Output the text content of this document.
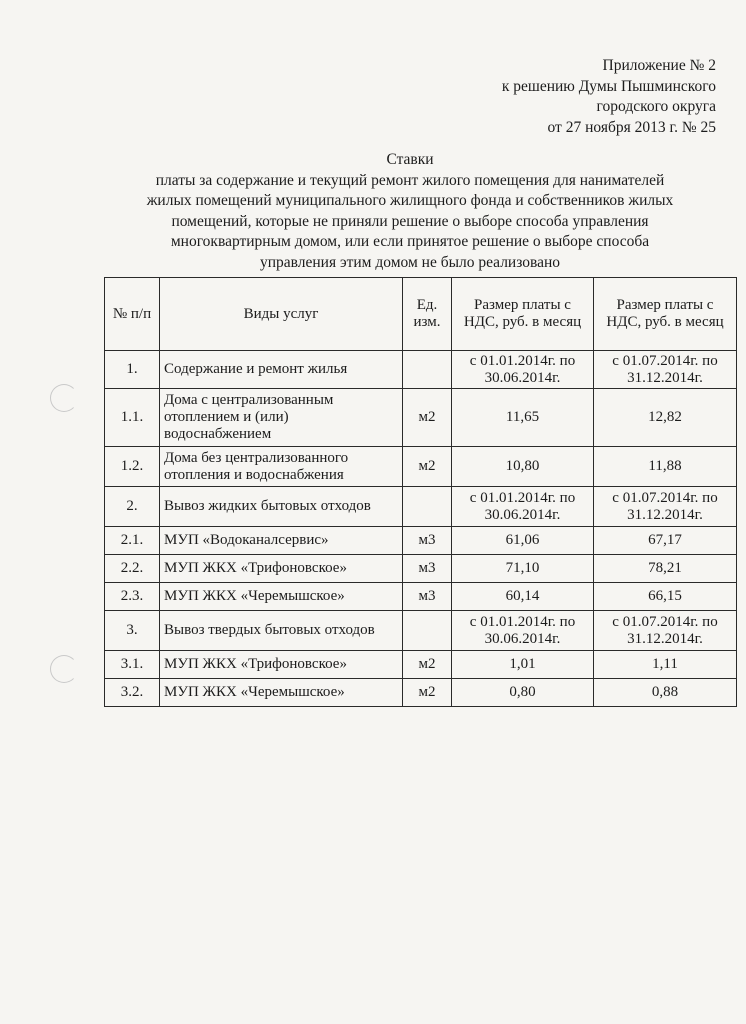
Приложение № 2
к решению Думы Пышминского
городского округа
от 27 ноября 2013 г. № 25
Ставки
платы за содержание и текущий ремонт жилого помещения для нанимателей
жилых помещений муниципального жилищного фонда и собственников жилых
помещений, которые не приняли решение о выборе способа управления
многоквартирным домом, или если принятое решение о выборе способа
управления этим домом не было реализовано
№ п/п	Виды услуг	Ед. изм.	Размер платы с НДС, руб. в месяц	Размер платы с НДС, руб. в месяц
1.	Содержание и ремонт жилья		с 01.01.2014г. по 30.06.2014г.	с 01.07.2014г. по 31.12.2014г.
1.1.	Дома с централизованным отоплением и (или) водоснабжением	м2	11,65	12,82
1.2.	Дома без централизованного отопления и водоснабжения	м2	10,80	11,88
2.	Вывоз жидких бытовых отходов		с 01.01.2014г. по 30.06.2014г.	с 01.07.2014г. по 31.12.2014г.
2.1.	МУП «Водоканалсервис»	м3	61,06	67,17
2.2.	МУП ЖКХ «Трифоновское»	м3	71,10	78,21
2.3.	МУП ЖКХ «Черемышское»	м3	60,14	66,15
3.	Вывоз твердых бытовых отходов		с 01.01.2014г. по 30.06.2014г.	с 01.07.2014г. по 31.12.2014г.
3.1.	МУП ЖКХ «Трифоновское»	м2	1,01	1,11
3.2.	МУП ЖКХ «Черемышское»	м2	0,80	0,88
